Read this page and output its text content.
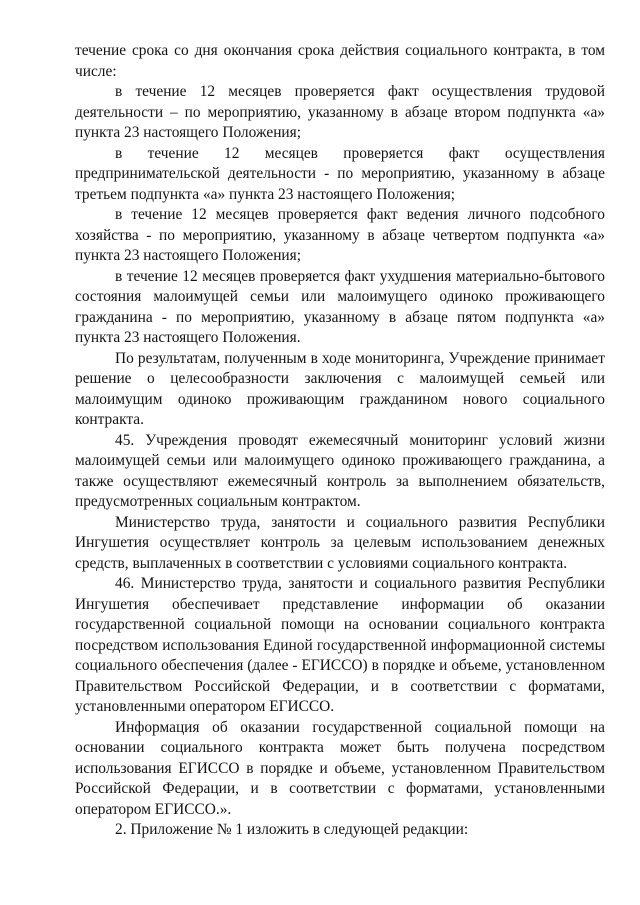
течение срока со дня окончания срока действия социального контракта, в том числе:

в течение 12 месяцев проверяется факт осуществления трудовой деятельности – по мероприятию, указанному в абзаце втором подпункта «а» пункта 23 настоящего Положения;

в течение 12 месяцев проверяется факт осуществления предпринимательской деятельности - по мероприятию, указанному в абзаце третьем подпункта «а» пункта 23 настоящего Положения;

в течение 12 месяцев проверяется факт ведения личного подсобного хозяйства - по мероприятию, указанному в абзаце четвертом подпункта «а» пункта 23 настоящего Положения;

в течение 12 месяцев проверяется факт ухудшения материально-бытового состояния малоимущей семьи или малоимущего одиноко проживающего гражданина - по мероприятию, указанному в абзаце пятом подпункта «а» пункта 23 настоящего Положения.

По результатам, полученным в ходе мониторинга, Учреждение принимает решение о целесообразности заключения с малоимущей семьей или малоимущим одиноко проживающим гражданином нового социального контракта.

45. Учреждения проводят ежемесячный мониторинг условий жизни малоимущей семьи или малоимущего одиноко проживающего гражданина, а также осуществляют ежемесячный контроль за выполнением обязательств, предусмотренных социальным контрактом.

Министерство труда, занятости и социального развития Республики Ингушетия осуществляет контроль за целевым использованием денежных средств, выплаченных в соответствии с условиями социального контракта.

46. Министерство труда, занятости и социального развития Республики Ингушетия обеспечивает представление информации об оказании государственной социальной помощи на основании социального контракта посредством использования Единой государственной информационной системы социального обеспечения (далее - ЕГИССО) в порядке и объеме, установленном Правительством Российской Федерации, и в соответствии с форматами, установленными оператором ЕГИССО.

Информация об оказании государственной социальной помощи на основании социального контракта может быть получена посредством использования ЕГИССО в порядке и объеме, установленном Правительством Российской Федерации, и в соответствии с форматами, установленными оператором ЕГИССО.».

2. Приложение № 1 изложить в следующей редакции:
